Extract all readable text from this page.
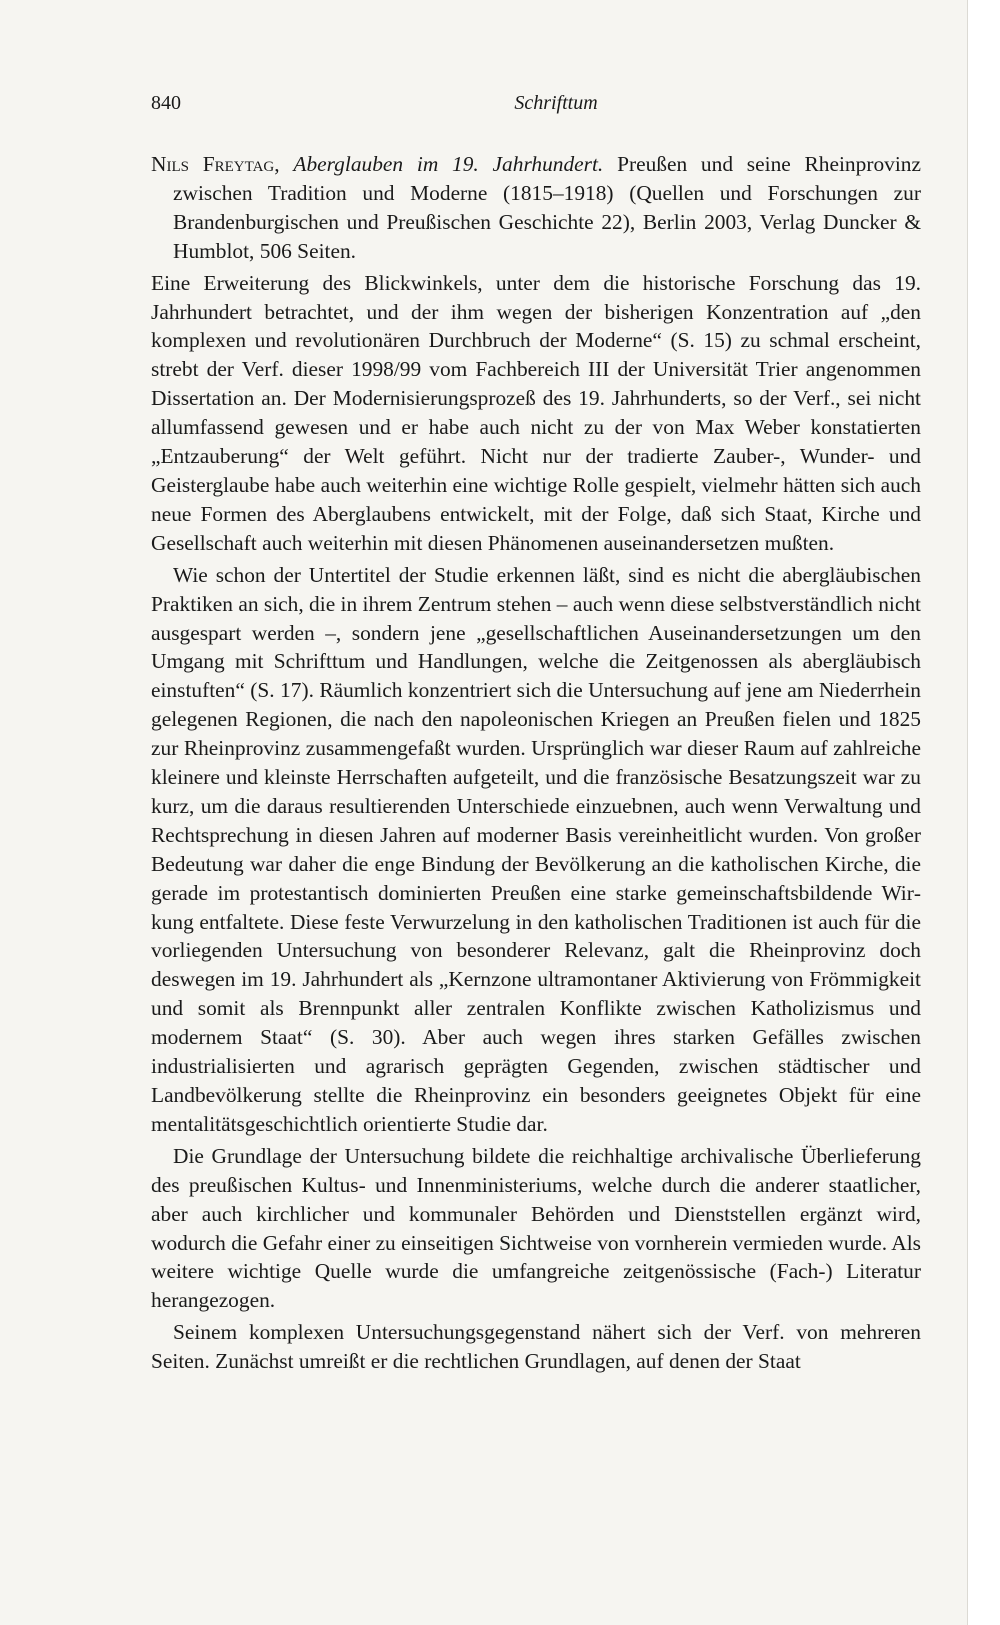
840	Schrifttum

Nils Freytag, Aberglauben im 19. Jahrhundert. Preußen und seine Rheinprovinz zwischen Tradition und Moderne (1815–1918) (Quellen und Forschungen zur Brandenburgischen und Preußischen Geschichte 22), Berlin 2003, Verlag Duncker & Humblot, 506 Seiten.

Eine Erweiterung des Blickwinkels, unter dem die historische Forschung das 19. Jahrhundert betrachtet, und der ihm wegen der bisherigen Konzentration auf „den komplexen und revolutionären Durchbruch der Moderne“ (S. 15) zu schmal erscheint, strebt der Verf. dieser 1998/99 vom Fachbereich III der Universität Trier angenommen Dissertation an. Der Modernisierungsprozeß des 19. Jahrhunderts, so der Verf., sei nicht allumfassend gewesen und er habe auch nicht zu der von Max Weber konstatierten „Entzauberung“ der Welt geführt. Nicht nur der tradierte Zauber-, Wunder- und Geisterglaube habe auch weiterhin eine wichtige Rolle gespielt, vielmehr hätten sich auch neue Formen des Aberglaubens entwickelt, mit der Folge, daß sich Staat, Kirche und Gesellschaft auch weiterhin mit diesen Phänomenen auseinandersetzen mußten.

Wie schon der Untertitel der Studie erkennen läßt, sind es nicht die abergläubischen Praktiken an sich, die in ihrem Zentrum stehen – auch wenn diese selbstverständlich nicht ausgespart werden –, sondern jene „gesellschaftlichen Auseinandersetzungen um den Umgang mit Schrifttum und Handlungen, welche die Zeitgenossen als abergläubisch einstuften“ (S. 17). Räumlich konzentriert sich die Untersuchung auf jene am Niederrhein gelegenen Regionen, die nach den napoleonischen Kriegen an Preußen fielen und 1825 zur Rheinprovinz zusammengefaßt wurden. Ursprünglich war dieser Raum auf zahlreiche kleinere und kleinste Herrschaften aufgeteilt, und die französische Besatzungszeit war zu kurz, um die daraus resultierenden Unterschiede einzuebnen, auch wenn Verwaltung und Rechtsprechung in diesen Jahren auf moderner Basis vereinheitlicht wurden. Von großer Bedeutung war daher die enge Bindung der Bevölkerung an die katholischen Kirche, die gerade im protestantisch dominierten Preußen eine starke gemeinschaftsbildende Wirkung entfaltete. Diese feste Verwurzelung in den katholischen Traditionen ist auch für die vorliegenden Untersuchung von besonderer Relevanz, galt die Rheinprovinz doch deswegen im 19. Jahrhundert als „Kernzone ultramontaner Aktivierung von Frömmigkeit und somit als Brennpunkt aller zentralen Konflikte zwischen Katholizismus und modernem Staat“ (S. 30). Aber auch wegen ihres starken Gefälles zwischen industrialisierten und agrarisch geprägten Gegenden, zwischen städtischer und Landbevölkerung stellte die Rheinprovinz ein besonders geeignetes Objekt für eine mentalitätsgeschichtlich orientierte Studie dar.

Die Grundlage der Untersuchung bildete die reichhaltige archivalische Überlieferung des preußischen Kultus- und Innenministeriums, welche durch die anderer staatlicher, aber auch kirchlicher und kommunaler Behörden und Dienststellen ergänzt wird, wodurch die Gefahr einer zu einseitigen Sichtweise von vornherein vermieden wurde. Als weitere wichtige Quelle wurde die umfangreiche zeitgenössische (Fach-) Literatur herangezogen.

Seinem komplexen Untersuchungsgegenstand nähert sich der Verf. von mehreren Seiten. Zunächst umreißt er die rechtlichen Grundlagen, auf denen der Staat
